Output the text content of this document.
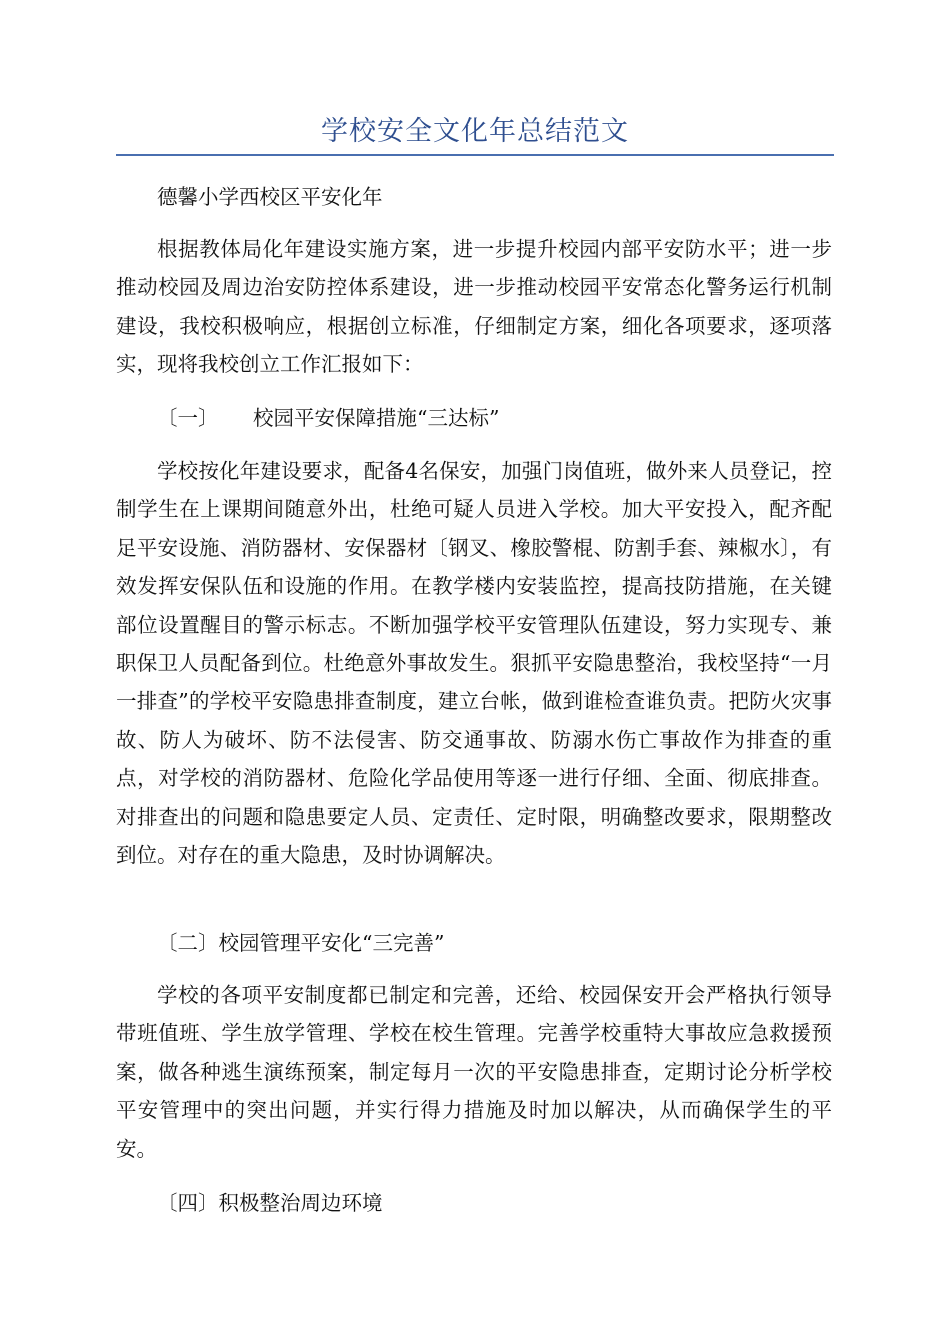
学校安全文化年总结范文

德馨小学西校区平安化年

根据教体局化年建设实施方案，进一步提升校园内部平安防水平；进一步推动校园及周边治安防控体系建设，进一步推动校园平安常态化警务运行机制建设，我校积极响应，根据创立标准，仔细制定方案，细化各项要求，逐项落实，现将我校创立工作汇报如下：

〔一〕 校园平安保障措施“三达标”

学校按化年建设要求，配备4名保安，加强门岗值班，做外来人员登记，控制学生在上课期间随意外出，杜绝可疑人员进入学校。加大平安投入，配齐配足平安设施、消防器材、安保器材〔钢叉、橡胶警棍、防割手套、辣椒水〕，有效发挥安保队伍和设施的作用。在教学楼内安装监控，提高技防措施，在关键部位设置醒目的警示标志。不断加强学校平安管理队伍建设，努力实现专、兼职保卫人员配备到位。杜绝意外事故发生。狠抓平安隐患整治，我校坚持“一月一排查”的学校平安隐患排查制度，建立台帐，做到谁检查谁负责。把防火灾事故、防人为破坏、防不法侵害、防交通事故、防溺水伤亡事故作为排查的重点，对学校的消防器材、危险化学品使用等逐一进行仔细、全面、彻底排查。对排查出的问题和隐患要定人员、定责任、定时限，明确整改要求，限期整改到位。对存在的重大隐患，及时协调解决。

〔二〕校园管理平安化“三完善”

学校的各项平安制度都已制定和完善，还给、校园保安开会严格执行领导带班值班、学生放学管理、学校在校生管理。完善学校重特大事故应急救援预案，做各种逃生演练预案，制定每月一次的平安隐患排查，定期讨论分析学校平安管理中的突出问题，并实行得力措施及时加以解决，从而确保学生的平安。

〔四〕积极整治周边环境
